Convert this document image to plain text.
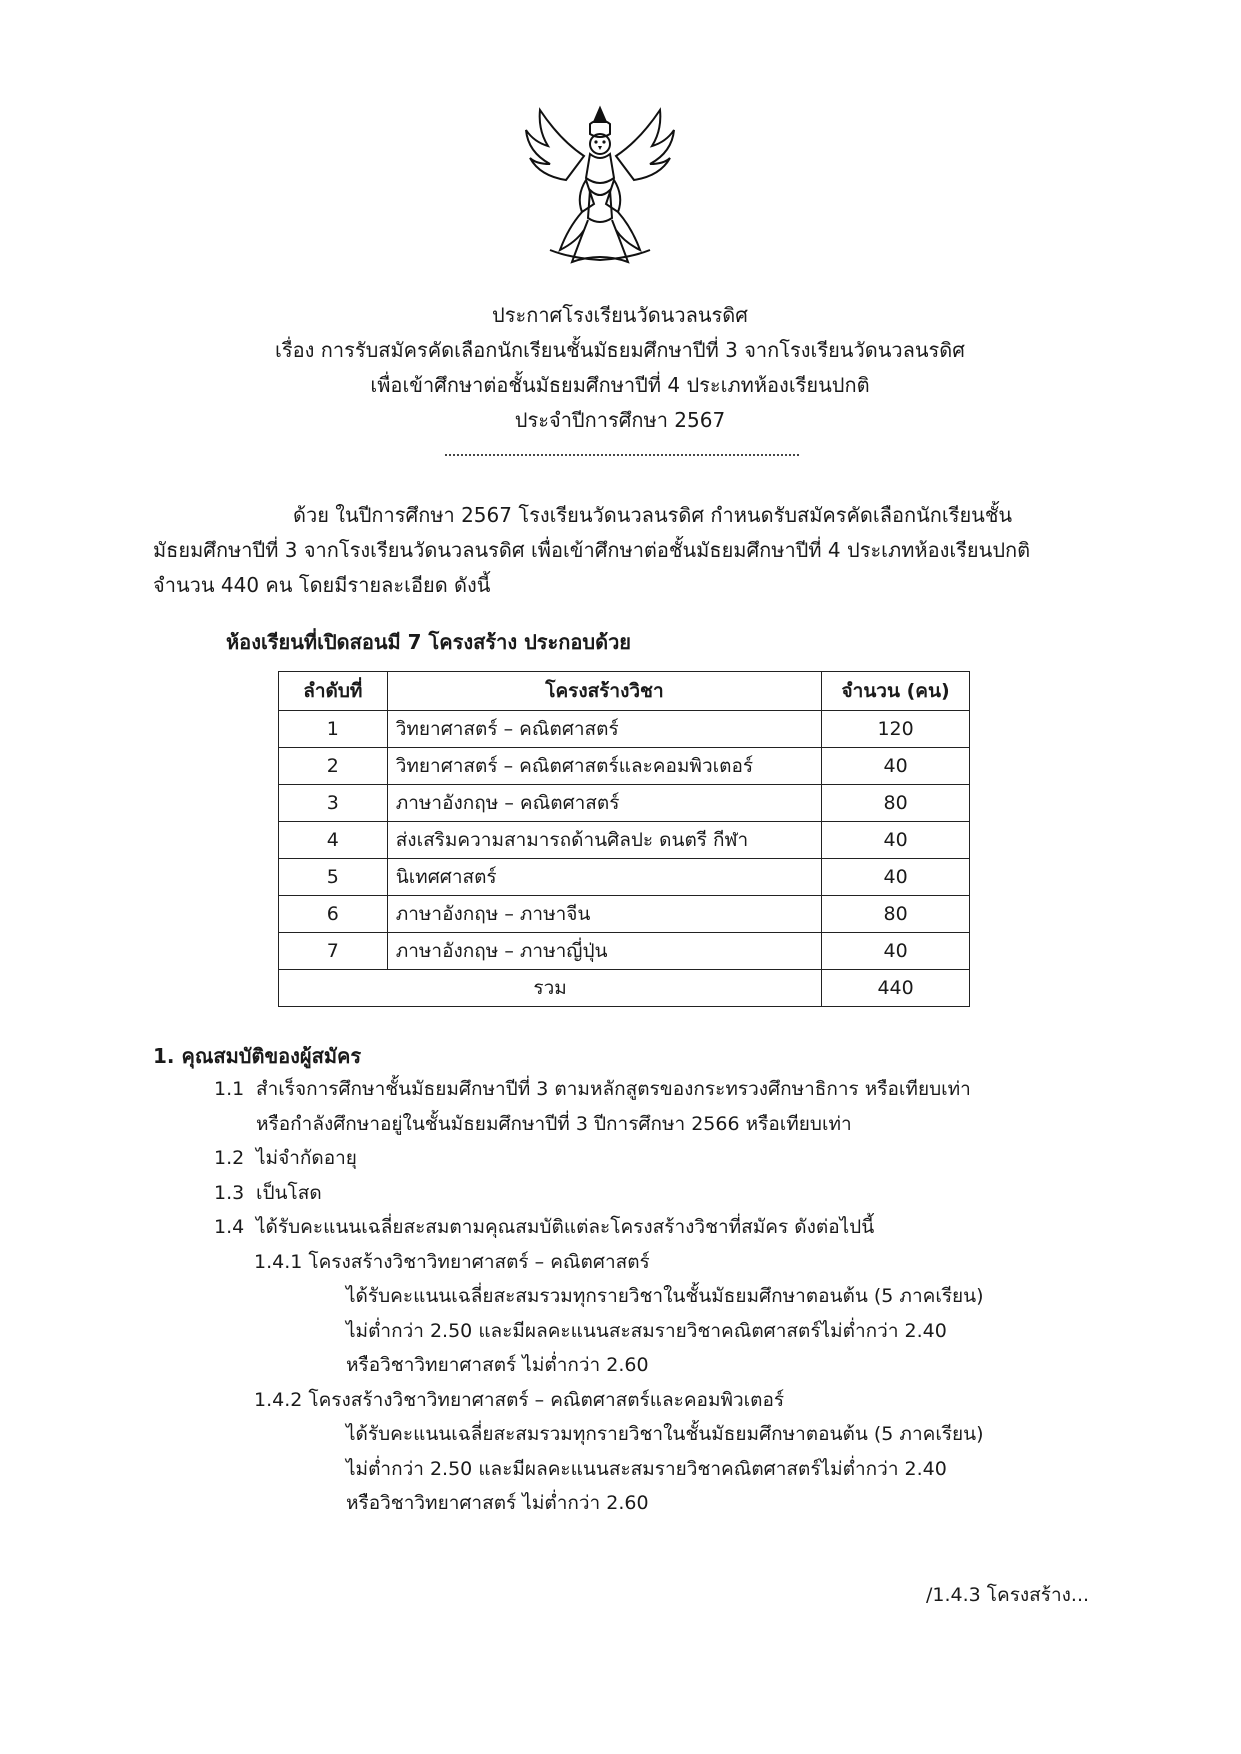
ประกาศโรงเรียนวัดนวลนรดิศ
เรื่อง การรับสมัครคัดเลือกนักเรียนชั้นมัธยมศึกษาปีที่ 3 จากโรงเรียนวัดนวลนรดิศ
เพื่อเข้าศึกษาต่อชั้นมัธยมศึกษาปีที่ 4 ประเภทห้องเรียนปกติ
ประจำปีการศึกษา 2567
ด้วย ในปีการศึกษา 2567 โรงเรียนวัดนวลนรดิศ กำหนดรับสมัครคัดเลือกนักเรียนชั้น
มัธยมศึกษาปีที่ 3 จากโรงเรียนวัดนวลนรดิศ เพื่อเข้าศึกษาต่อชั้นมัธยมศึกษาปีที่ 4 ประเภทห้องเรียนปกติ
จำนวน 440 คน โดยมีรายละเอียด ดังนี้
ห้องเรียนที่เปิดสอนมี 7 โครงสร้าง ประกอบด้วย
ลำดับที่	โครงสร้างวิชา	จำนวน (คน)
1	วิทยาศาสตร์ – คณิตศาสตร์	120
2	วิทยาศาสตร์ – คณิตศาสตร์และคอมพิวเตอร์	40
3	ภาษาอังกฤษ – คณิตศาสตร์	80
4	ส่งเสริมความสามารถด้านศิลปะ ดนตรี กีฬา	40
5	นิเทศศาสตร์	40
6	ภาษาอังกฤษ – ภาษาจีน	80
7	ภาษาอังกฤษ – ภาษาญี่ปุ่น	40
รวม		440
1. คุณสมบัติของผู้สมัคร
1.1 สำเร็จการศึกษาชั้นมัธยมศึกษาปีที่ 3 ตามหลักสูตรของกระทรวงศึกษาธิการ หรือเทียบเท่า
หรือกำลังศึกษาอยู่ในชั้นมัธยมศึกษาปีที่ 3 ปีการศึกษา 2566 หรือเทียบเท่า
1.2 ไม่จำกัดอายุ
1.3 เป็นโสด
1.4 ได้รับคะแนนเฉลี่ยสะสมตามคุณสมบัติแต่ละโครงสร้างวิชาที่สมัคร ดังต่อไปนี้
1.4.1 โครงสร้างวิชาวิทยาศาสตร์ – คณิตศาสตร์
ได้รับคะแนนเฉลี่ยสะสมรวมทุกรายวิชาในชั้นมัธยมศึกษาตอนต้น (5 ภาคเรียน)
ไม่ต่ำกว่า 2.50 และมีผลคะแนนสะสมรายวิชาคณิตศาสตร์ไม่ต่ำกว่า 2.40
หรือวิชาวิทยาศาสตร์ ไม่ต่ำกว่า 2.60
1.4.2 โครงสร้างวิชาวิทยาศาสตร์ – คณิตศาสตร์และคอมพิวเตอร์
ได้รับคะแนนเฉลี่ยสะสมรวมทุกรายวิชาในชั้นมัธยมศึกษาตอนต้น (5 ภาคเรียน)
ไม่ต่ำกว่า 2.50 และมีผลคะแนนสะสมรายวิชาคณิตศาสตร์ไม่ต่ำกว่า 2.40
หรือวิชาวิทยาศาสตร์ ไม่ต่ำกว่า 2.60
/1.4.3 โครงสร้าง...
